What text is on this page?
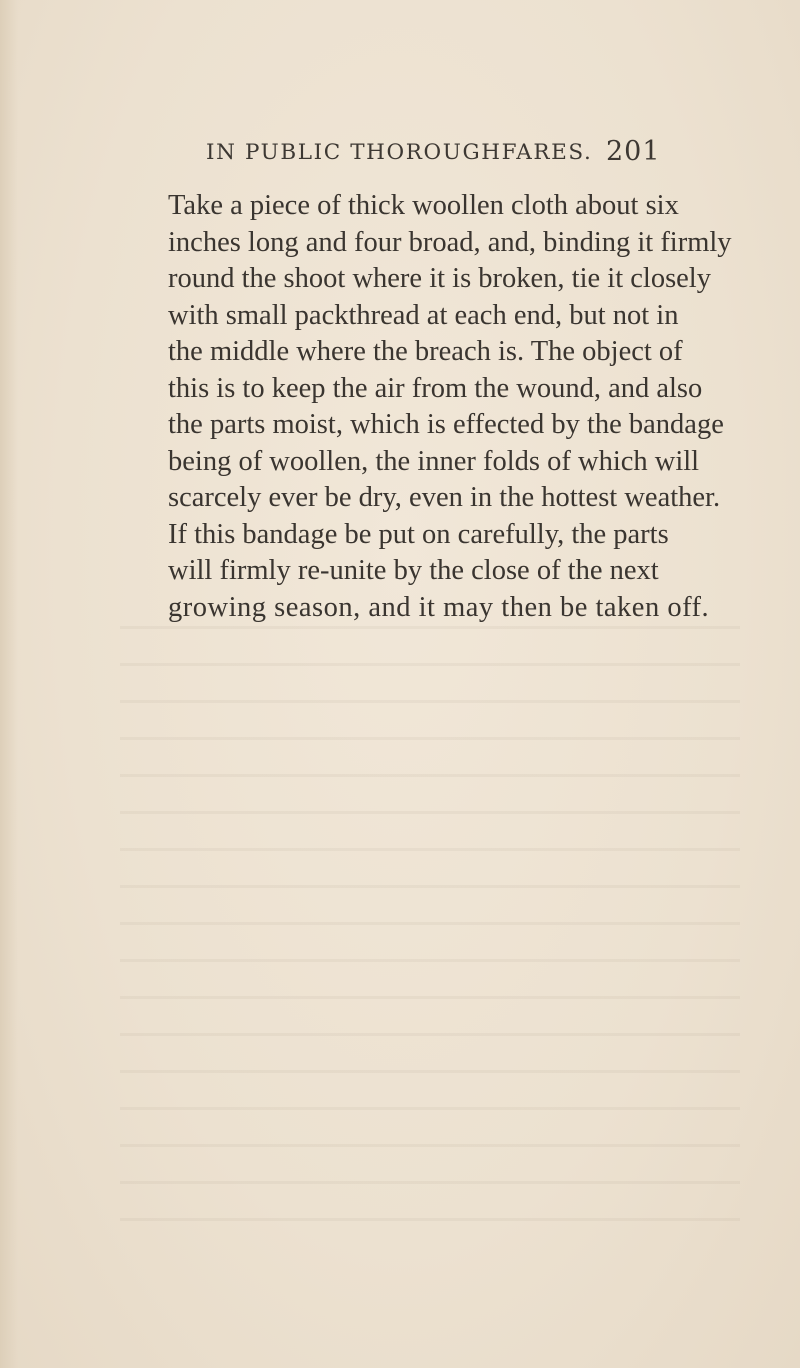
IN PUBLIC THOROUGHFARES. 201
Take a piece of thick woollen cloth about six
inches long and four broad, and, binding it firmly
round the shoot where it is broken, tie it closely
with small packthread at each end, but not in
the middle where the breach is. The object of
this is to keep the air from the wound, and also
the parts moist, which is effected by the bandage
being of woollen, the inner folds of which will
scarcely ever be dry, even in the hottest weather.
If this bandage be put on carefully, the parts
will firmly re-unite by the close of the next
growing season, and it may then be taken off.
